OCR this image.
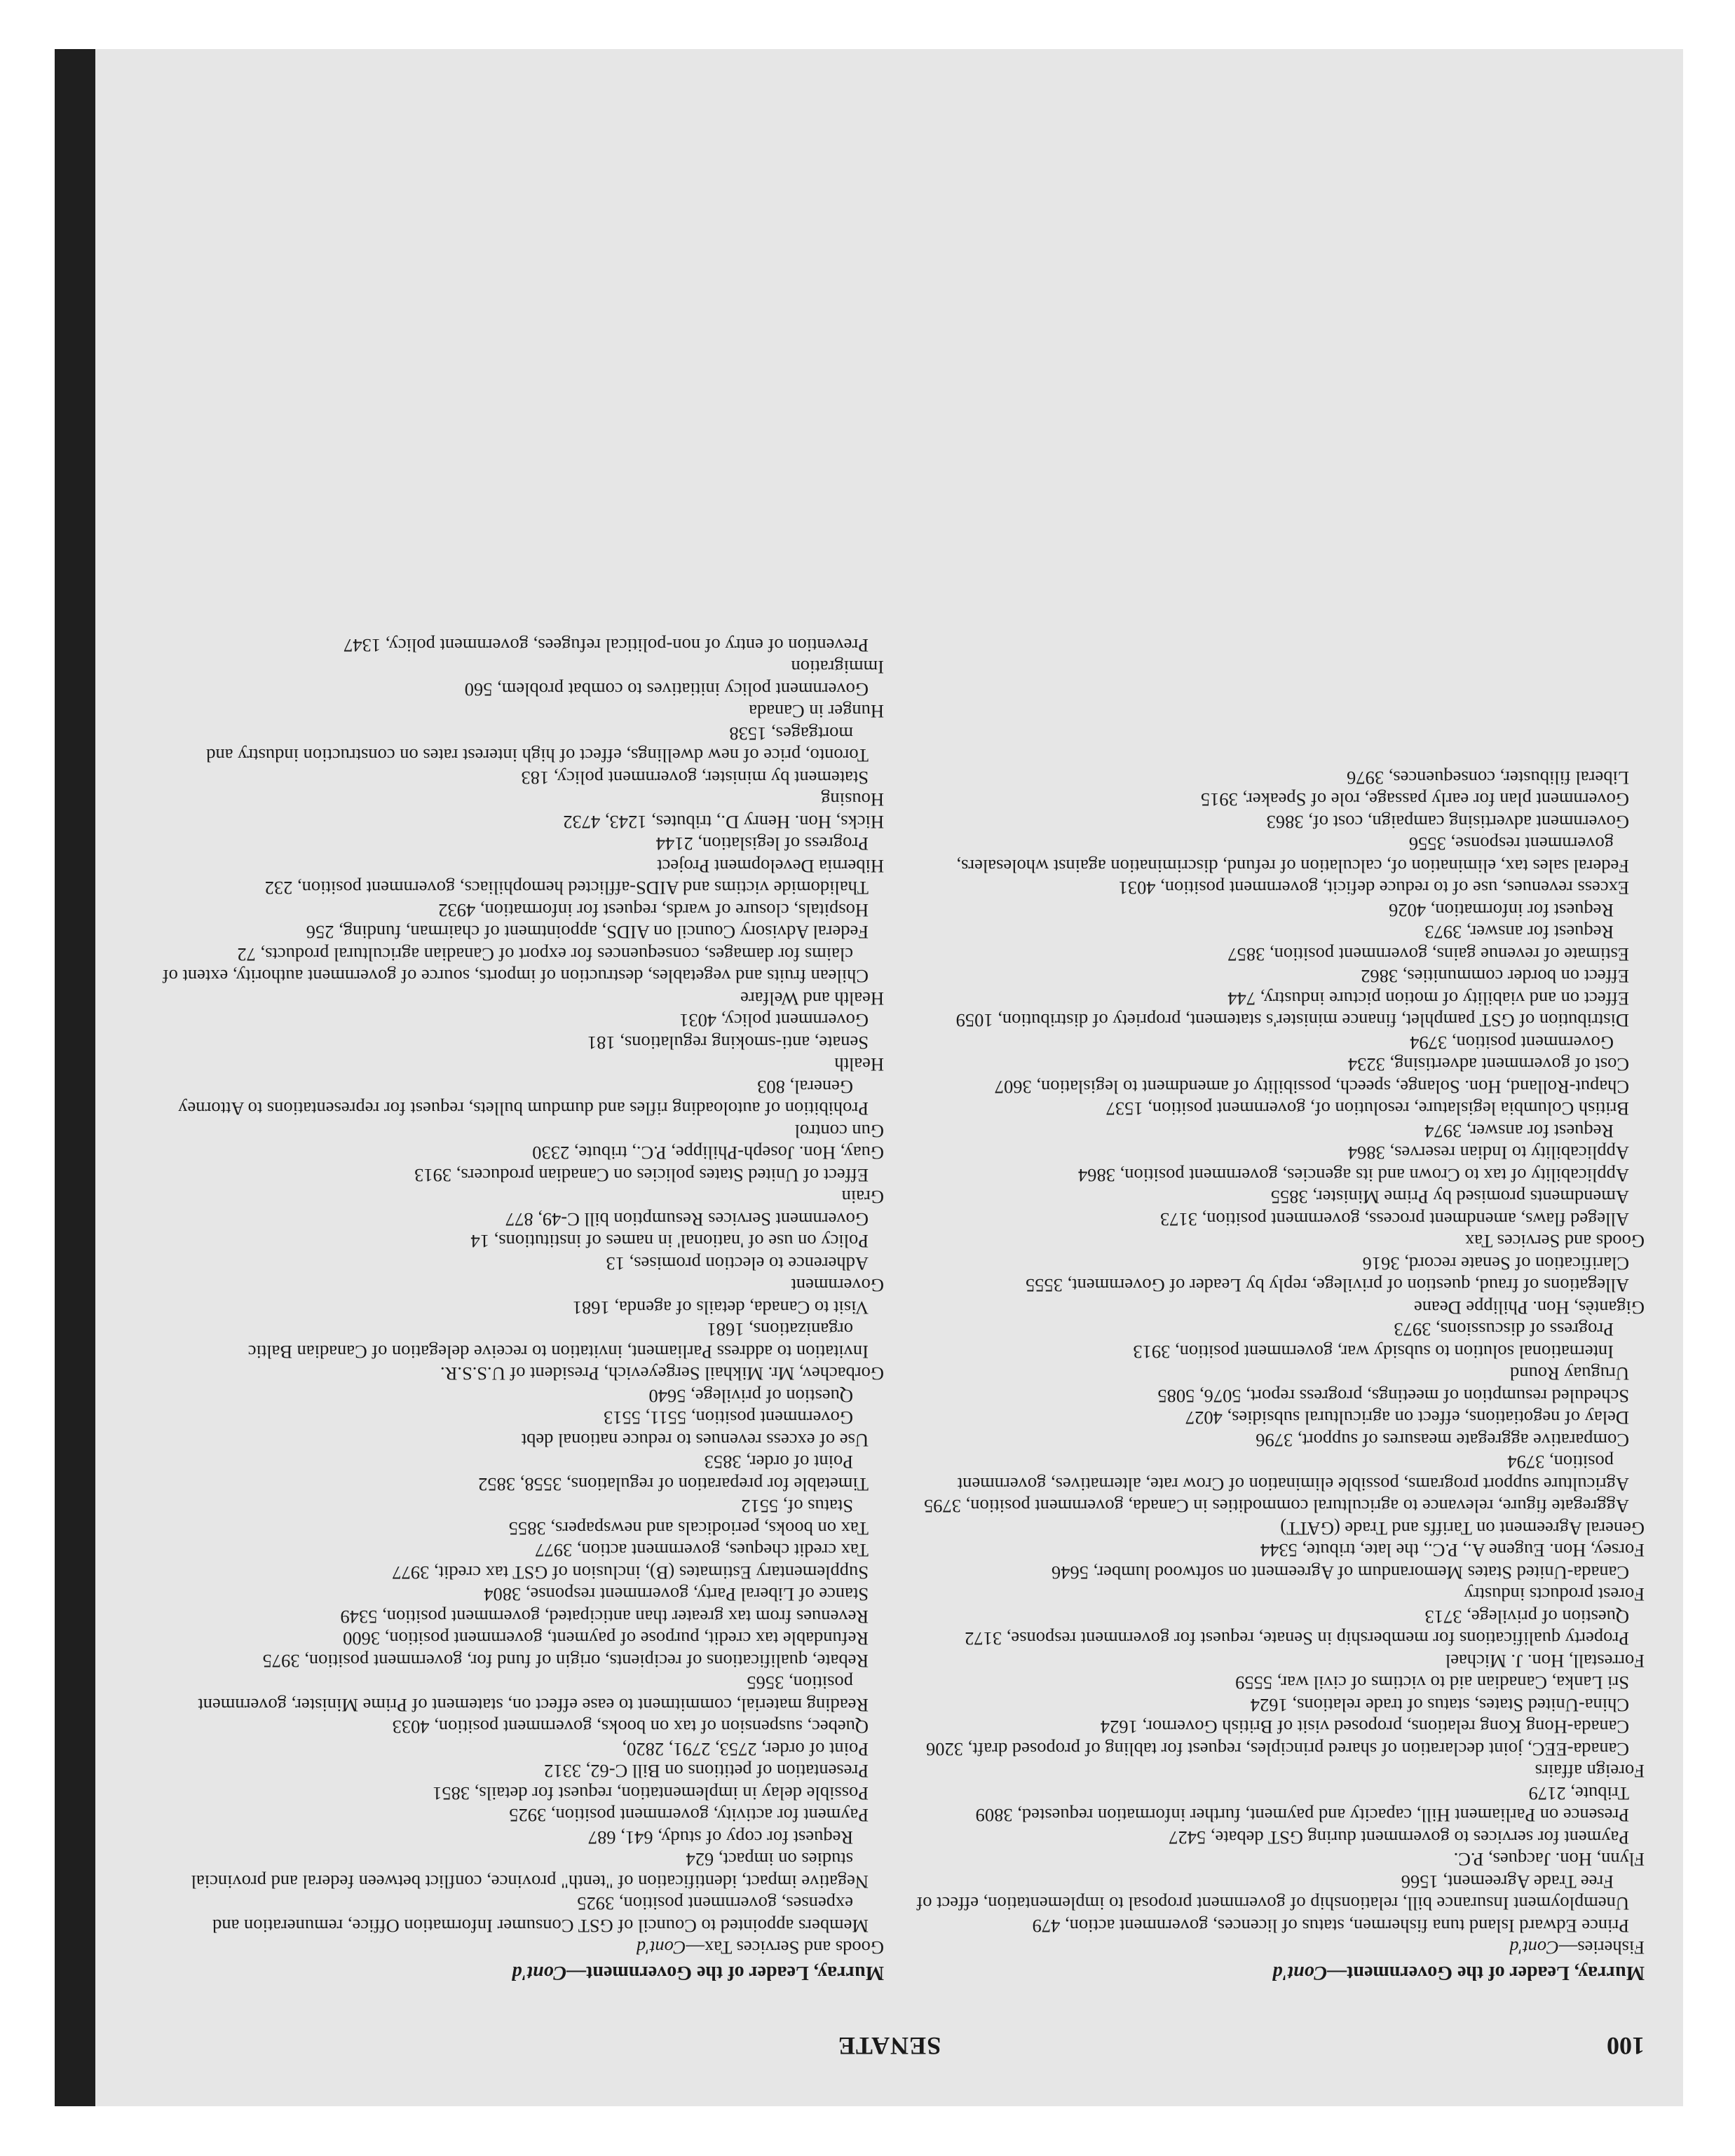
100
SENATE
Murray, Leader of the Government—Cont'd
Fisheries—Cont'd
Prince Edward Island tuna fishermen, status of licences, government action, 479
Unemployment Insurance bill, relationship of government proposal to implementation, effect of Free Trade Agreement, 1566
Flynn, Hon. Jacques, P.C.
Payment for services to government during GST debate, 5427
Presence on Parliament Hill, capacity and payment, further information requested, 3809
Tribute, 2179
Foreign affairs
Canada-EEC, joint declaration of shared principles, request for tabling of proposed draft, 3206
Canada-Hong Kong relations, proposed visit of British Governor, 1624
China-United States, status of trade relations, 1624
Sri Lanka, Canadian aid to victims of civil war, 5559
Forrestall, Hon. J. Michael
Property qualifications for membership in Senate, request for government response, 3172
Question of privilege, 3713
Forest products industry
Canada-United States Memorandum of Agreement on softwood lumber, 5646
Forsey, Hon. Eugene A., P.C., the late, tribute, 5344
General Agreement on Tariffs and Trade (GATT)
Aggregate figure, relevance to agricultural commodities in Canada, government position, 3795
Agriculture support programs, possible elimination of Crow rate, alternatives, government position, 3794
Comparative aggregate measures of support, 3796
Delay of negotiations, effect on agricultural subsidies, 4027
Scheduled resumption of meetings, progress report, 5076, 5085
Uruguay Round
International solution to subsidy war, government position, 3913
Progress of discussions, 3973
Gigantès, Hon. Philippe Deane
Allegations of fraud, question of privilege, reply by Leader of Government, 3555
Clarification of Senate record, 3616
Goods and Services Tax
Alleged flaws, amendment process, government position, 3173
Amendments promised by Prime Minister, 3855
Applicability of tax to Crown and its agencies, government position, 3864
Applicability to Indian reserves, 3864
Request for answer, 3974
British Columbia legislature, resolution of, government position, 1537
Chaput-Rolland, Hon. Solange, speech, possibility of amendment to legislation, 3607
Cost of government advertising, 3234
Government position, 3794
Distribution of GST pamphlet, finance minister's statement, propriety of distribution, 1059
Effect on and viability of motion picture industry, 744
Effect on border communities, 3862
Estimate of revenue gains, government position, 3857
Request for answer, 3973
Request for information, 4026
Excess revenues, use of to reduce deficit, government position, 4031
Federal sales tax, elimination of, calculation of refund, discrimination against wholesalers, government response, 3556
Government advertising campaign, cost of, 3863
Government plan for early passage, role of Speaker, 3915
Liberal filibuster, consequences, 3976
Murray, Leader of the Government—Cont'd
Goods and Services Tax—Cont'd
Members appointed to Council of GST Consumer Information Office, remuneration and expenses, government position, 3925
Negative impact, identification of "tenth" province, conflict between federal and provincial studies on impact, 624
Request for copy of study, 641, 687
Payment for activity, government position, 3925
Possible delay in implementation, request for details, 3851
Presentation of petitions on Bill C-62, 3312
Point of order, 2753, 2791, 2820,
Quebec, suspension of tax on books, government position, 4033
Reading material, commitment to ease effect on, statement of Prime Minister, government position, 3565
Rebate, qualifications of recipients, origin of fund for, government position, 3975
Refundable tax credit, purpose of payment, government position, 3600
Revenues from tax greater than anticipated, government position, 5349
Stance of Liberal Party, government response, 3804
Supplementary Estimates (B), inclusion of GST tax credit, 3977
Tax credit cheques, government action, 3977
Tax on books, periodicals and newspapers, 3855
Status of, 5512
Timetable for preparation of regulations, 3558, 3852
Point of order, 3853
Use of excess revenues to reduce national debt
Government position, 5511, 5513
Question of privilege, 5640
Gorbachev, Mr. Mikhail Sergeyevich, President of U.S.S.R.
Invitation to address Parliament, invitation to receive delegation of Canadian Baltic organizations, 1681
Visit to Canada, details of agenda, 1681
Government
Adherence to election promises, 13
Policy on use of 'national' in names of institutions, 14
Government Services Resumption bill C-49, 877
Grain
Effect of United States policies on Canadian producers, 3913
Guay, Hon. Joseph-Philippe, P.C., tribute, 2330
Gun control
Prohibition of autoloading rifles and dumdum bullets, request for representations to Attorney General, 803
Health
Senate, anti-smoking regulations, 181
Government policy, 4031
Health and Welfare
Chilean fruits and vegetables, destruction of imports, source of government authority, extent of claims for damages, consequences for export of Canadian agricultural products, 72
Federal Advisory Council on AIDS, appointment of chairman, funding, 256
Hospitals, closure of wards, request for information, 4932
Thalidomide victims and AIDS-afflicted hemophiliacs, government position, 232
Hibernia Development Project
Progress of legislation, 2144
Hicks, Hon. Henry D., tributes, 1243, 4732
Housing
Statement by minister, government policy, 183
Toronto, price of new dwellings, effect of high interest rates on construction industry and mortgages, 1538
Hunger in Canada
Government policy initiatives to combat problem, 560
Immigration
Prevention of entry of non-political refugees, government policy, 1347
